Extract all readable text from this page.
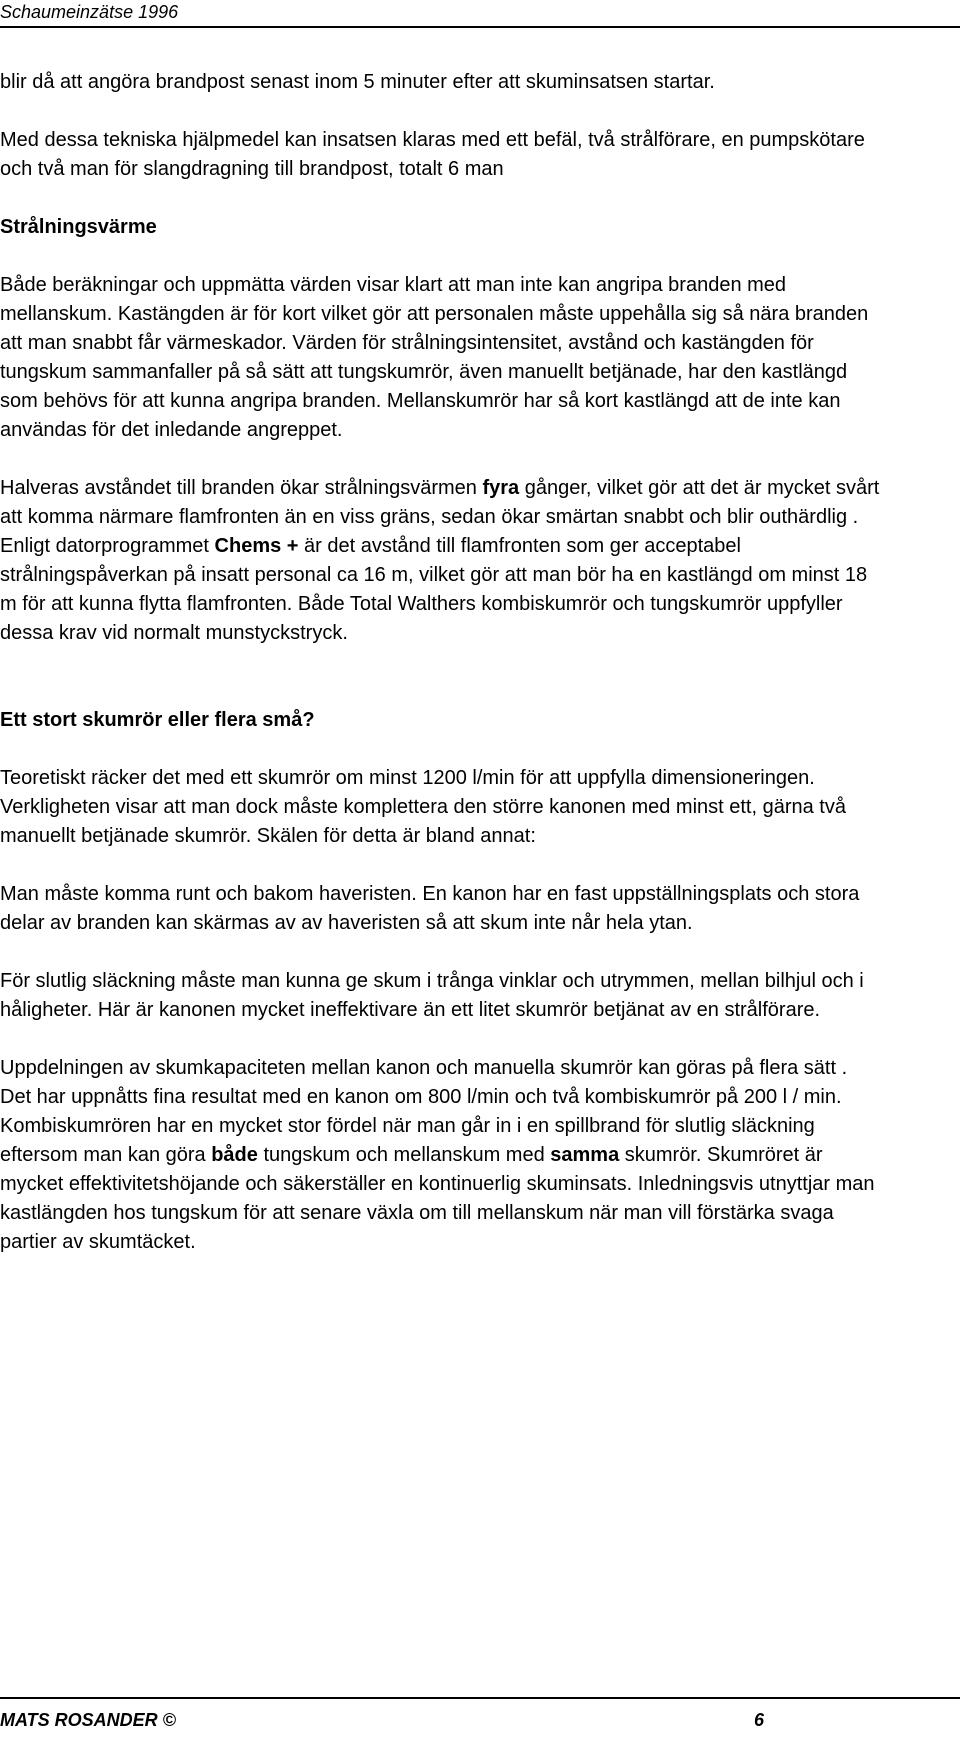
Schaumeinzätse 1996

blir då att angöra brandpost senast inom 5 minuter efter att skuminsatsen startar.

Med dessa tekniska hjälpmedel kan insatsen klaras med ett befäl, två strålförare, en pumpskötare och två man för slangdragning till brandpost, totalt 6 man

Strålningsvärme

Både beräkningar och uppmätta värden visar klart att man inte kan angripa branden med mellanskum. Kastängden är för kort vilket gör att personalen måste uppehålla sig så nära branden att man snabbt får värmeskador. Värden för strålningsintensitet, avstånd och kastängden för tungskum sammanfaller på så sätt att tungskumrör, även manuellt betjänade, har den kastlängd som behövs för att kunna angripa branden. Mellanskumrör har så kort kastlängd att de inte kan användas för det inledande angreppet.

Halveras avståndet till branden ökar strålningsvärmen fyra gånger, vilket gör att det är mycket svårt att komma närmare flamfronten än en viss gräns, sedan ökar smärtan snabbt och blir outhärdlig . Enligt datorprogrammet Chems + är det avstånd till flamfronten som ger acceptabel strålningspåverkan på insatt personal ca 16 m, vilket gör att man bör ha en kastlängd om minst 18 m för att kunna flytta flamfronten. Både Total Walthers kombiskumrör och tungskumrör uppfyller dessa krav vid normalt munstyckstryck.

Ett stort skumrör eller flera små?

Teoretiskt räcker det med ett skumrör om minst 1200 l/min för att uppfylla dimensioneringen. Verkligheten visar att man dock måste komplettera den större kanonen med minst ett, gärna två manuellt betjänade skumrör. Skälen för detta är bland annat:

Man måste komma runt och bakom haveristen. En kanon har en fast uppställningsplats och stora delar av branden kan skärmas av av haveristen så att skum inte når hela ytan.

För slutlig släckning måste man kunna ge skum i trånga vinklar och utrymmen, mellan bilhjul och i håligheter. Här är kanonen mycket ineffektivare än ett litet skumrör betjänat av en strålförare.

Uppdelningen av skumkapaciteten mellan kanon och manuella skumrör kan göras på flera sätt . Det har uppnåtts fina resultat med en kanon om 800 l/min och två kombiskumrör på 200 l / min. Kombiskumrören har en mycket stor fördel när man går in i en spillbrand för slutlig släckning eftersom man kan göra både tungskum och mellanskum med samma skumrör. Skumröret är mycket effektivitetshöjande och säkerställer en kontinuerlig skuminsats. Inledningsvis utnyttjar man kastlängden hos tungskum för att senare växla om till mellanskum när man vill förstärka svaga partier av skumtäcket.

MATS ROSANDER ©	6
